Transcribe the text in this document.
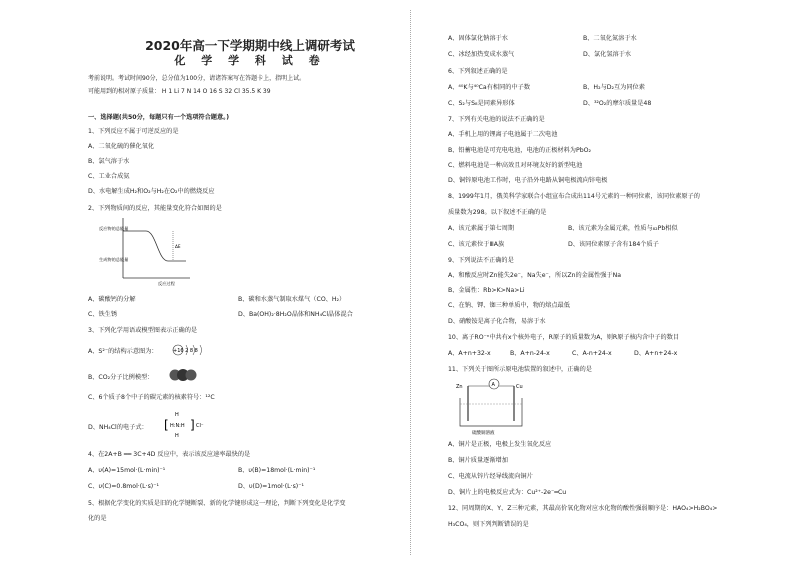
2020年高一下学期期中线上调研考试
化 学 学 科 试 卷
考前说明。考试时间90分，总分值为100分，请诸答案写在答题卡上，指明上试。
可能用到的相对原子质量： H 1 Li 7 N 14 O 16 S 32 Cl 35.5 K 39
一、选择题(共50分，每题只有一个选项符合题意。)
1、下列反应不属于可逆反应的是
A、二氧化硫的催化氧化
B、氯气溶于水
C、工业合成氨
D、水电解生成H₂和O₂与H₂在O₂中的燃烧反应
2、下列物质间的反应，其能量变化符合如图的是
反应物的总能量
生成物的总能量
ΔE
反应过程
A、碳酸钙的分解	B、碳和水蒸气制取水煤气（CO、H₂）
C、铁生锈	D、Ba(OH)₂·8H₂O晶体和NH₄Cl晶体混合
3、下列化学用语或模型图表示正确的是
A、S²⁻的结构示意图为：	+16 2 8 8
B、CO₂分子比例模型：
C、6个质子8个中子的碳元素的核素符号：¹²C
D、NH₄Cl的电子式： [ ]
H
H:N:H
H
Cl⁻
4、在2A+B ══ 3C+4D 反应中，表示该反应速率最快的是
A、υ(A)=15mol·(L·min)⁻¹	B、υ(B)=18mol·(L·min)⁻¹
C、υ(C)=0.8mol·(L·s)⁻¹	D、υ(D)=1mol·(L·s)⁻¹
5、根据化学变化的实质是旧的化学键断裂、新的化学键形成这一理论，判断下列变化是化学变
化的是
A、固体氯化钠溶于水	B、二氧化氮溶于水
C、冰经加热变成水蒸气	D、氯化氢溶于水
6、下列叙述正确的是
A、⁴⁰K与⁴⁰Ca有相同的中子数	B、H₂与D₂互为同位素
C、S₂与S₈是同素异形体	D、³²O₂的摩尔质量是48
7、下列有关电池的说法不正确的是
A、手机上用的锂离子电池属于二次电池
B、铅蓄电池是可充电电池，电池的正极材料为PbO₂
C、燃料电池是一种高效且对环境友好的新型电池
D、铜锌原电池工作时，电子沿外电路从铜电极流向锌电极
8、1999年1月，俄美科学家联合小组宣布合成出114号元素的一种同位素，该同位素原子的
质量数为298。以下叙述不正确的是
A、该元素属于第七周期	B、该元素为金属元素，性质与₈₂Pb相似
C、该元素位于ⅢA族	D、该同位素原子含有184个质子
9、下列说法不正确的是
A、和酸反应时Zn能失2e⁻，Na失e⁻，所以Zn的金属性强于Na
B、金属性：Rb>K>Na>Li
C、在钠、钾、铷三种单质中，物的熔点最低
D、硝酸铵是离子化合物，易溶于水
10、离子RO⁻ⁿ中共有x个核外电子，R原子的质量数为A，则R原子核内含中子的数目
A、A+n+32-x	B、A+n-24-x	C、A-n+24-x	D、A+n+24-x
11、下列关于图所示原电池装置的叙述中，正确的是
Zn	Cu
A
硫酸铜溶液
A、铜片是正极，电极上发生氧化反应
B、铜片质量逐渐增加
C、电流从锌片经导线流向铜片
D、铜片上的电极反应式为：Cu²⁺-2e⁻═Cu
12、同周期的X、Y、Z三种元素，其最高价氧化物对应水化物的酸性强弱顺序是：HAO₄>H₂BO₄>
H₃CO₄，则下列判断错误的是
